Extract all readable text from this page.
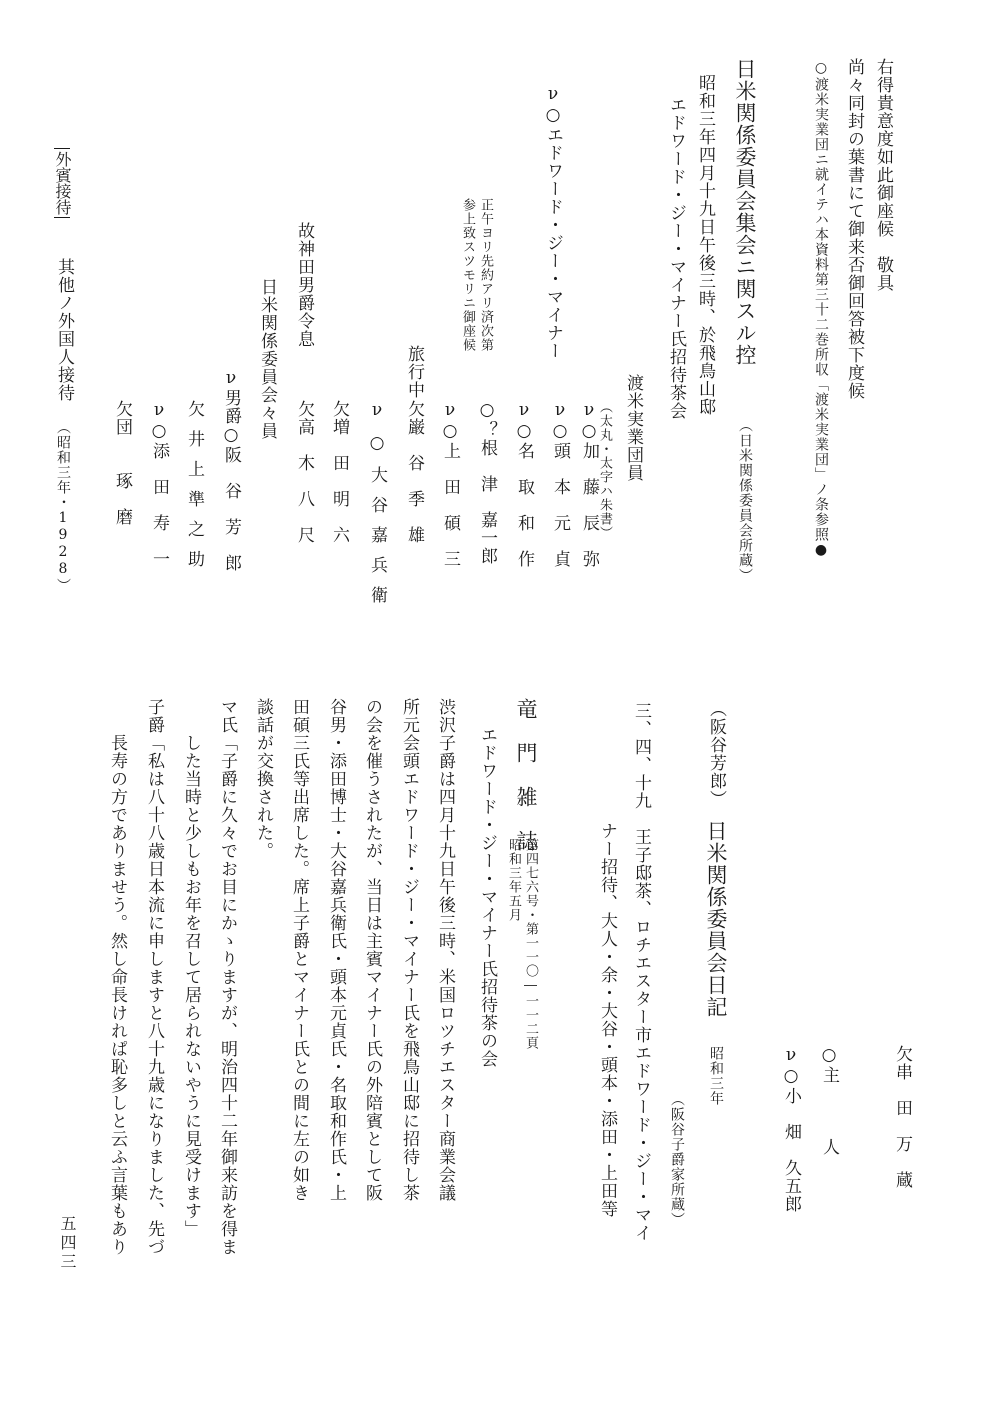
右得貴意度如此御座候　敬具
尚々同封の葉書にて御来否御回答被下度候
○渡米実業団ニ就イテハ本資料第三十二巻所収「渡米実業団」ノ条参照●
日米関係委員会集会ニ関スル控
（日米関係委員会所蔵）
昭和三年四月十九日午後三時、於飛鳥山邸
エドワード・ジー・マイナー氏招待茶会
渡米実業団員
（太丸・太字ハ朱書）
ν○加　藤　辰　弥
ν○エドワード・ジー・マイナー
ν○頭　本　元　貞
ν○名　取　和　作
正午ヨリ先約アリ済次第
参上致スツモリニ御座候
○？根　津　嘉一郎
ν○上　田　碩　三
旅行中
欠巌　谷　季　雄
ν○大谷嘉兵衛
欠増　田　明　六
故神田男爵令息
欠高　木　八　尺
日米関係委員会々員
ν男爵○阪　谷　芳　郎
欠井上準之助
ν○添　田　寿　一
欠団　　琢　磨
欠串　田　万　蔵
○主　　　人
ν○小　畑　久五郎
昭和三年
（阪谷芳郎）
日米関係委員会日記
（阪谷子爵家所蔵）
三、四、十九　王子邸茶、ロチエスター市エドワード・ジー・マイ
ナー招待、大人・余・大谷・頭本・添田・上田等
竜　門　雑　誌
第四七六号・第一一〇―一一二頁
昭和三年五月
エドワード・ジー・マイナー氏招待茶の会
渋沢子爵は四月十九日午後三時、米国ロツチエスター商業会議
所元会頭エドワード・ジー・マイナー氏を飛鳥山邸に招待し茶
の会を催うされたが、当日は主賓マイナー氏の外陪賓として阪
谷男・添田博士・大谷嘉兵衛氏・頭本元貞氏・名取和作氏・上
田碩三氏等出席した。席上子爵とマイナー氏との間に左の如き
談話が交換された。
マ氏「子爵に久々でお目にかゝりますが、明治四十二年御来訪を得ま
した当時と少しもお年を召して居られないやうに見受けます」
子爵「私は八十八歳日本流に申しますと八十九歳になりました、先づ
長寿の方でありませう。然し命長けれぱ恥多しと云ふ言葉もあり
外賓接待
其他ノ外国人接待
（昭和三年・1928）
五四三
